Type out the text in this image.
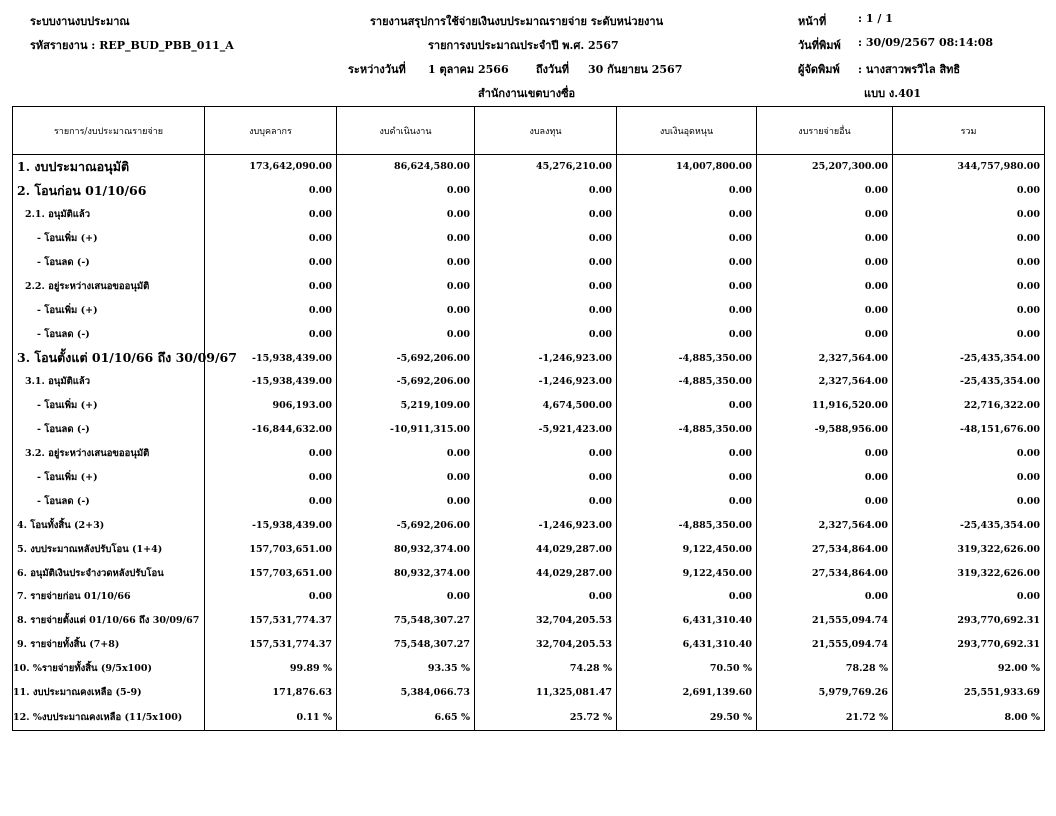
ระบบงานงบประมาณ
รหัสรายงาน : REP_BUD_PBB_011_A
รายงานสรุปการใช้จ่ายเงินงบประมาณรายจ่าย ระดับหน่วยงาน
รายการงบประมาณประจำปี พ.ศ. 2567
ระหว่างวันที่ 1 ตุลาคม 2566 ถึงวันที่ 30 กันยายน 2567
สำนักงานเขตบางซื่อ
หน้าที่	: 1 / 1
วันที่พิมพ์ : 30/09/2567 08:14:08
ผู้จัดพิมพ์ : นางสาวพรวิไล สิทธิ
แบบ ง.401
รายการ/งบประมาณรายจ่าย	งบบุคลากร	งบดำเนินงาน	งบลงทุน	งบเงินอุดหนุน	งบรายจ่ายอื่น	รวม
1. งบประมาณอนุมัติ	173,642,090.00	86,624,580.00	45,276,210.00	14,007,800.00	25,207,300.00	344,757,980.00
2. โอนก่อน 01/10/66	0.00	0.00	0.00	0.00	0.00	0.00
2.1. อนุมัติแล้ว	0.00	0.00	0.00	0.00	0.00	0.00
- โอนเพิ่ม (+)	0.00	0.00	0.00	0.00	0.00	0.00
- โอนลด (-)	0.00	0.00	0.00	0.00	0.00	0.00
2.2. อยู่ระหว่างเสนอขออนุมัติ	0.00	0.00	0.00	0.00	0.00	0.00
- โอนเพิ่ม (+)	0.00	0.00	0.00	0.00	0.00	0.00
- โอนลด (-)	0.00	0.00	0.00	0.00	0.00	0.00
3. โอนตั้งแต่ 01/10/66 ถึง 30/09/67	-15,938,439.00	-5,692,206.00	-1,246,923.00	-4,885,350.00	2,327,564.00	-25,435,354.00
3.1. อนุมัติแล้ว	-15,938,439.00	-5,692,206.00	-1,246,923.00	-4,885,350.00	2,327,564.00	-25,435,354.00
- โอนเพิ่ม (+)	906,193.00	5,219,109.00	4,674,500.00	0.00	11,916,520.00	22,716,322.00
- โอนลด (-)	-16,844,632.00	-10,911,315.00	-5,921,423.00	-4,885,350.00	-9,588,956.00	-48,151,676.00
3.2. อยู่ระหว่างเสนอขออนุมัติ	0.00	0.00	0.00	0.00	0.00	0.00
- โอนเพิ่ม (+)	0.00	0.00	0.00	0.00	0.00	0.00
- โอนลด (-)	0.00	0.00	0.00	0.00	0.00	0.00
4. โอนทั้งสิ้น (2+3)	-15,938,439.00	-5,692,206.00	-1,246,923.00	-4,885,350.00	2,327,564.00	-25,435,354.00
5. งบประมาณหลังปรับโอน (1+4)	157,703,651.00	80,932,374.00	44,029,287.00	9,122,450.00	27,534,864.00	319,322,626.00
6. อนุมัติเงินประจำงวดหลังปรับโอน	157,703,651.00	80,932,374.00	44,029,287.00	9,122,450.00	27,534,864.00	319,322,626.00
7. รายจ่ายก่อน 01/10/66	0.00	0.00	0.00	0.00	0.00	0.00
8. รายจ่ายตั้งแต่ 01/10/66 ถึง 30/09/67	157,531,774.37	75,548,307.27	32,704,205.53	6,431,310.40	21,555,094.74	293,770,692.31
9. รายจ่ายทั้งสิ้น (7+8)	157,531,774.37	75,548,307.27	32,704,205.53	6,431,310.40	21,555,094.74	293,770,692.31
10. %รายจ่ายทั้งสิ้น (9/5x100)	99.89 %	93.35 %	74.28 %	70.50 %	78.28 %	92.00 %
11. งบประมาณคงเหลือ (5-9)	171,876.63	5,384,066.73	11,325,081.47	2,691,139.60	5,979,769.26	25,551,933.69
12. %งบประมาณคงเหลือ (11/5x100)	0.11 %	6.65 %	25.72 %	29.50 %	21.72 %	8.00 %
